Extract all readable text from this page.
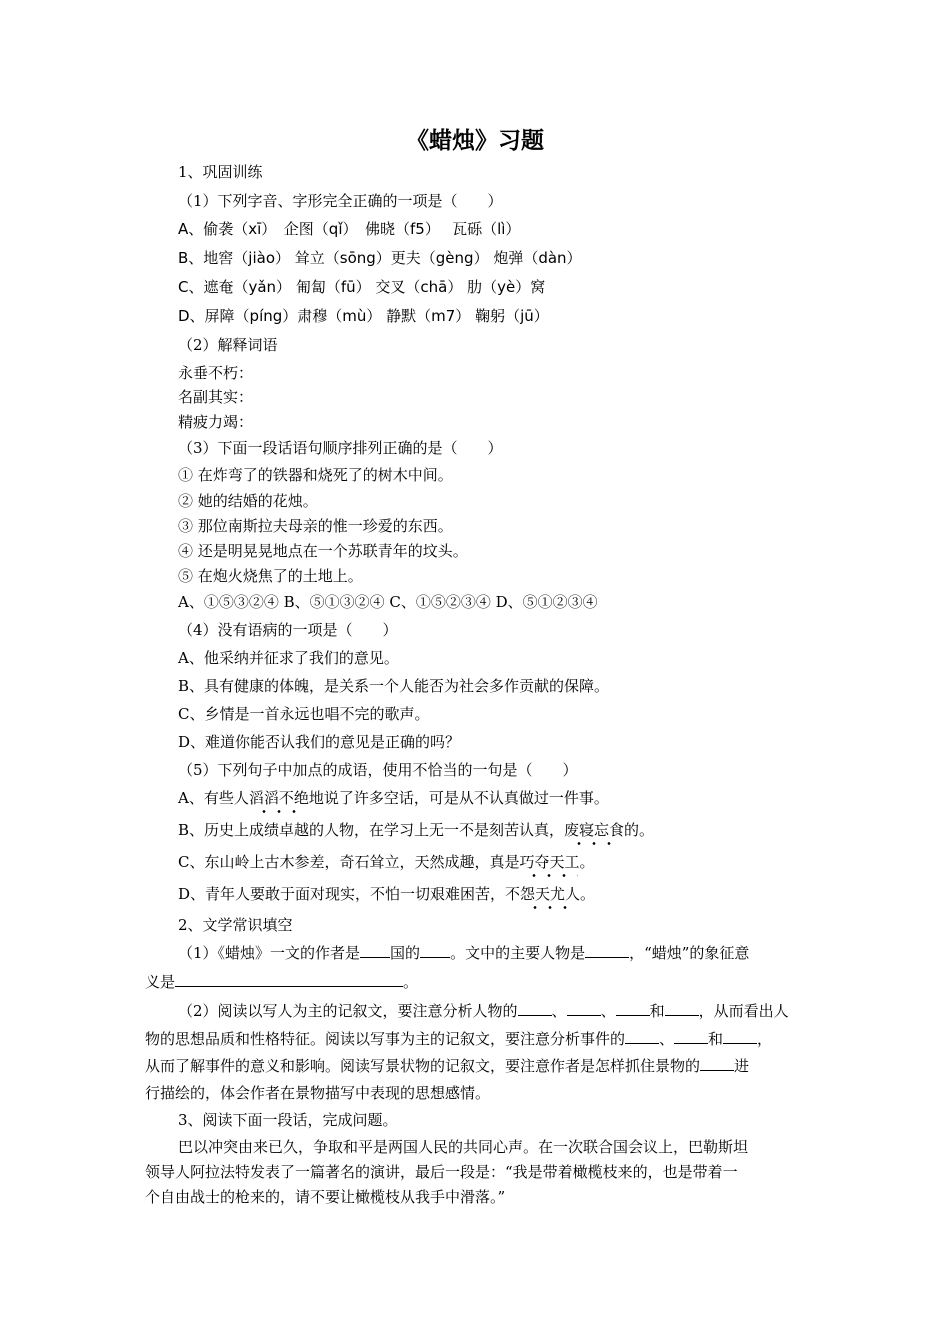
《蜡烛》习题
1、巩固训练
（1）下列字音、字形完全正确的一项是（　　）
A、偷袭（xī）　企图（qǐ）　佛晓（f5）　 瓦砾（lì）
B、地窖（jiào） 耸立（sōng）更夫（gèng） 炮弹（dàn）
C、遮奄（yǎn） 匍匐（fū） 交叉（chā） 肋（yè）窝
D、屏障（píng）肃穆（mù） 静默（m7） 鞠躬（jū）
（2）解释词语
永垂不朽：
名副其实：
精疲力竭：
（3）下面一段话语句顺序排列正确的是（　　）
① 在炸弯了的铁器和烧死了的树木中间。
② 她的结婚的花烛。
③ 那位南斯拉夫母亲的惟一珍爱的东西。
④ 还是明晃晃地点在一个苏联青年的坟头。
⑤ 在炮火烧焦了的土地上。
A、①⑤③②④ B、⑤①③②④ C、①⑤②③④ D、⑤①②③④
（4）没有语病的一项是（　　）
A、他采纳并征求了我们的意见。
B、具有健康的体魄，是关系一个人能否为社会多作贡献的保障。
C、乡情是一首永远也唱不完的歌声。
D、难道你能否认我们的意见是正确的吗？
（5）下列句子中加点的成语，使用不恰当的一句是（　　）
A、有些人滔滔不绝地说了许多空话，可是从不认真做过一件事。
B、历史上成绩卓越的人物，在学习上无一不是刻苦认真，废寝忘食的。
C、东山岭上古木参差，奇石耸立，天然成趣，真是巧夺天工。
D、青年人要敢于面对现实，不怕一切艰难困苦，不怨天尤人。
2、文学常识填空
（1）《蜡烛》一文的作者是 国的 。文中的主要人物是	，“蜡烛”的象征意
义是	。
（2）阅读以写人为主的记叙文，要注意分析人物的 、 、 和 ，从而看出人
物的思想品质和性格特征。阅读以写事为主的记叙文，要注意分析事件的 、 和 ，
从而了解事件的意义和影响。阅读写景状物的记叙文，要注意作者是怎样抓住景物的 进
行描绘的，体会作者在景物描写中表现的思想感情。
3、阅读下面一段话，完成问题。
巴以冲突由来已久，争取和平是两国人民的共同心声。在一次联合国会议上，巴勒斯坦
领导人阿拉法特发表了一篇著名的演讲，最后一段是：“我是带着橄榄枝来的，也是带着一
个自由战士的枪来的，请不要让橄榄枝从我手中滑落。”
